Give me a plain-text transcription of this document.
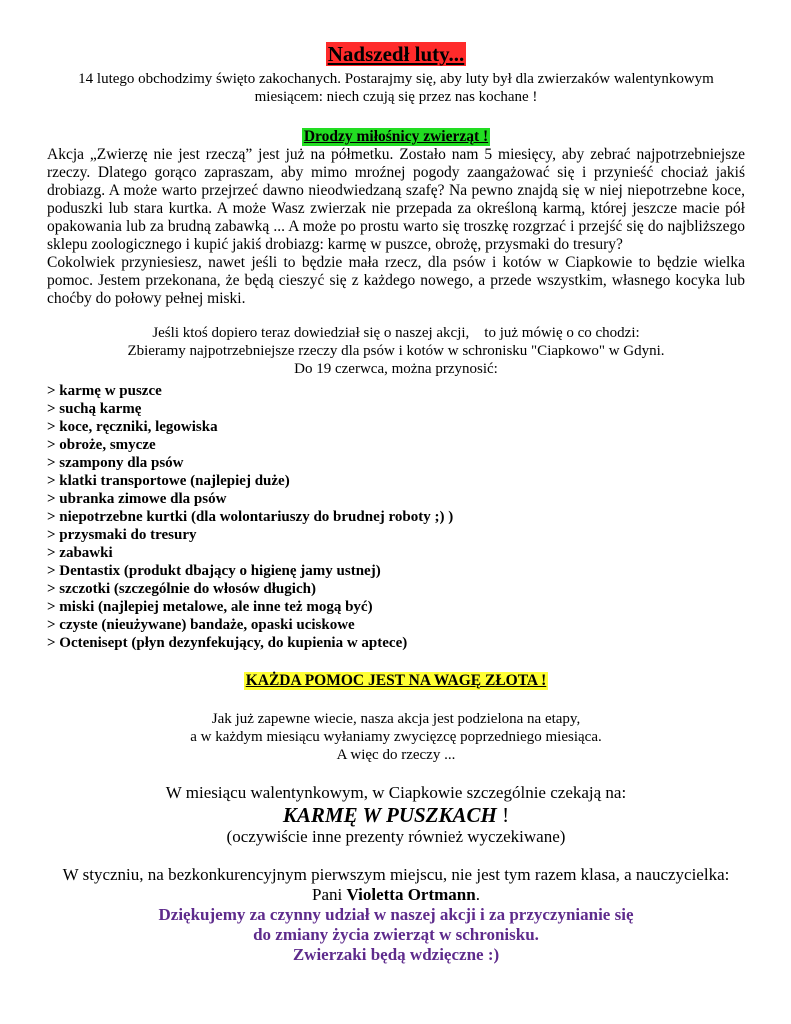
Nadszedł luty...
14 lutego obchodzimy święto zakochanych. Postarajmy się, aby luty był dla zwierzaków walentynkowym
miesiącem: niech czują się przez nas kochane !
Drodzy miłośnicy zwierząt !

Akcja „Zwierzę nie jest rzeczą” jest już na półmetku. Zostało nam 5 miesięcy, aby zebrać najpotrzebniejsze rzeczy. Dlatego gorąco zapraszam, aby mimo mroźnej pogody zaangażować się i przynieść chociaż jakiś drobiazg. A może warto przejrzeć dawno nieodwiedzaną szafę? Na pewno znajdą się w niej niepotrzebne koce, poduszki lub stara kurtka. A może Wasz zwierzak nie przepada za określoną karmą, której jeszcze macie pół opakowania lub za brudną zabawką ... A może po prostu warto się troszkę rozgrzać i przejść się do najbliższego sklepu zoologicznego i kupić jakiś drobiazg: karmę w puszce, obrożę, przysmaki do tresury?

Cokolwiek przyniesiesz, nawet jeśli to będzie mała rzecz, dla psów i kotów w Ciapkowie to będzie wielka pomoc. Jestem przekonana, że będą cieszyć się z każdego nowego, a przede wszystkim, własnego kocyka lub choćby do połowy pełnej miski.

Jeśli ktoś dopiero teraz dowiedział się o naszej akcji,    to już mówię o co chodzi:
Zbieramy najpotrzebniejsze rzeczy dla psów i kotów w schronisku "Ciapkowo" w Gdyni.
Do 19 czerwca, można przynosić:
> karmę w puszce
> suchą karmę
> koce, ręczniki, legowiska
> obroże, smycze
> szampony dla psów
> klatki transportowe (najlepiej duże)
> ubranka zimowe dla psów
> niepotrzebne kurtki (dla wolontariuszy do brudnej roboty ;) )
> przysmaki do tresury
> zabawki
> Dentastix (produkt dbający o higienę jamy ustnej)
> szczotki (szczególnie do włosów długich)
> miski (najlepiej metalowe, ale inne też mogą być)
> czyste (nieużywane) bandaże, opaski uciskowe
> Octenisept (płyn dezynfekujący, do kupienia w aptece)
KAŻDA POMOC JEST NA WAGĘ ZŁOTA !
Jak już zapewne wiecie, nasza akcja jest podzielona na etapy,
a w każdym miesiącu wyłaniamy zwycięzcę poprzedniego miesiąca.
A więc do rzeczy ...

W miesiącu walentynkowym, w Ciapkowie szczególnie czekają na:

KARMĘ W PUSZKACH !

(oczywiście inne prezenty również wyczekiwane)

W styczniu, na bezkonkurencyjnym pierwszym miejscu, nie jest tym razem klasa, a nauczycielka:

Pani Violetta Ortmann.

Dziękujemy za czynny udział w naszej akcji i za przyczynianie się

do zmiany życia zwierząt w schronisku.

Zwierzaki będą wdzięczne :)
